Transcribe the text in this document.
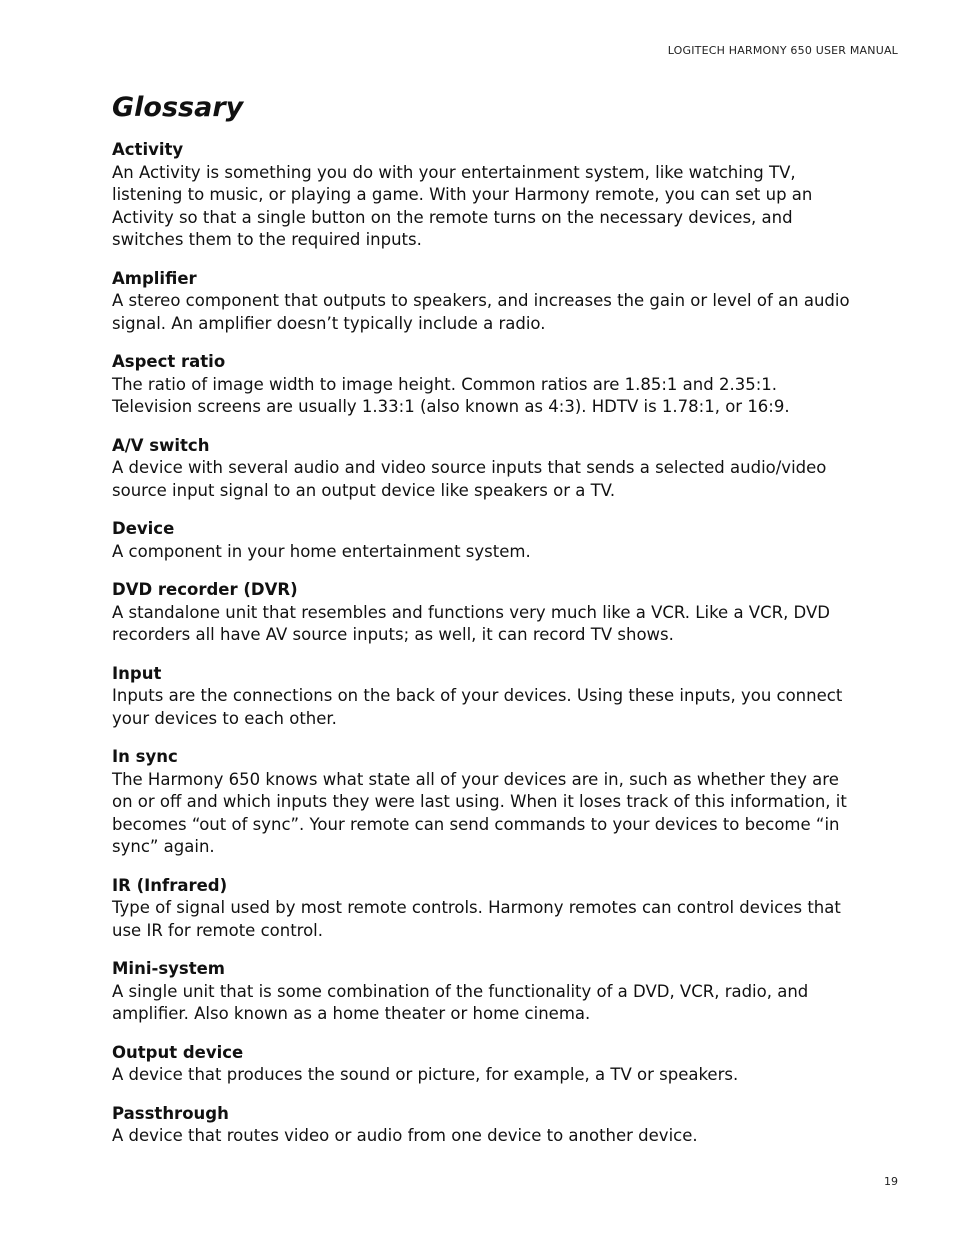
LOGITECH HARMONY 650 USER MANUAL
Glossary
Activity

An Activity is something you do with your entertainment system, like watching TV, listening to music, or playing a game. With your Harmony remote, you can set up an Activity so that a single button on the remote turns on the necessary devices, and switches them to the required inputs.

Amplifier

A stereo component that outputs to speakers, and increases the gain or level of an audio signal. An amplifier doesn’t typically include a radio.

Aspect ratio

The ratio of image width to image height. Common ratios are 1.85:1 and 2.35:1. Television screens are usually 1.33:1 (also known as 4:3). HDTV is 1.78:1, or 16:9.

A/V switch

A device with several audio and video source inputs that sends a selected audio/video source input signal to an output device like speakers or a TV.

Device

A component in your home entertainment system.

DVD recorder (DVR)

A standalone unit that resembles and functions very much like a VCR. Like a VCR, DVD recorders all have AV source inputs; as well, it can record TV shows.

Input

Inputs are the connections on the back of your devices. Using these inputs, you connect your devices to each other.

In sync

The Harmony 650 knows what state all of your devices are in, such as whether they are on or off and which inputs they were last using. When it loses track of this information, it becomes “out of sync”. Your remote can send commands to your devices to become “in sync” again.

IR (Infrared)

Type of signal used by most remote controls. Harmony remotes can control devices that use IR for remote control.

Mini-system

A single unit that is some combination of the functionality of a DVD, VCR, radio, and amplifier. Also known as a home theater or home cinema.

Output device

A device that produces the sound or picture, for example, a TV or speakers.

Passthrough

A device that routes video or audio from one device to another device.

19
